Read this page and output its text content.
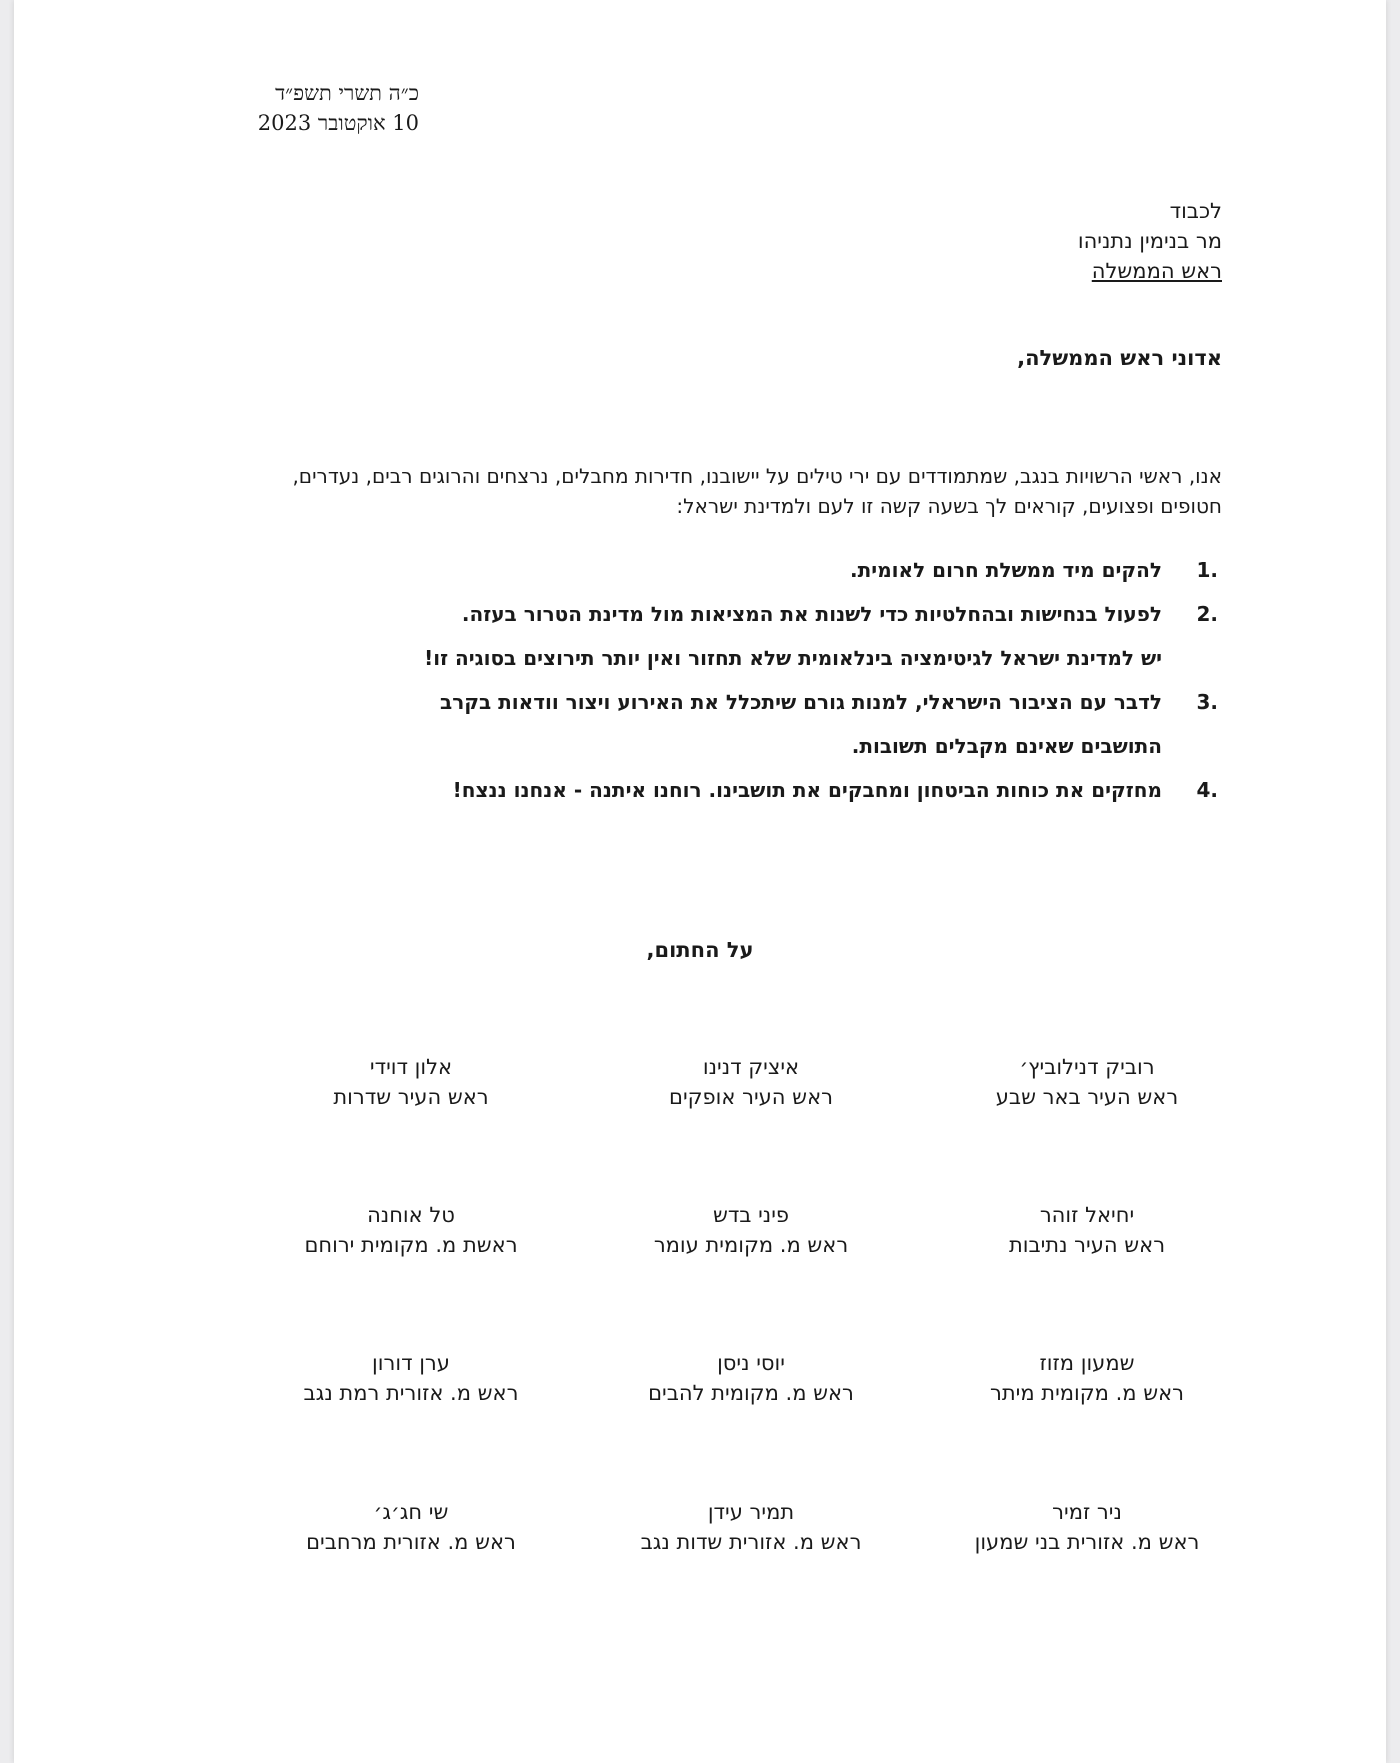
כ״ה תשרי תשפ״ד
10 אוקטובר 2023
לכבוד
מר בנימין נתניהו
ראש הממשלה
אדוני ראש הממשלה,
אנו, ראשי הרשויות בנגב, שמתמודדים עם ירי טילים על יישובנו, חדירות מחבלים, נרצחים והרוגים רבים, נעדרים, חטופים ופצועים, קוראים לך בשעה קשה זו לעם ולמדינת ישראל:
.1
להקים מיד ממשלת חרום לאומית.
.2
לפעול בנחישות ובהחלטיות כדי לשנות את המציאות מול מדינת הטרור בעזה.
יש למדינת ישראל לגיטימציה בינלאומית שלא תחזור ואין יותר תירוצים בסוגיה זו!
.3
לדבר עם הציבור הישראלי, למנות גורם שיתכלל את האירוע ויצור וודאות בקרב
התושבים שאינם מקבלים תשובות.
.4
מחזקים את כוחות הביטחון ומחבקים את תושבינו. רוחנו איתנה - אנחנו ננצח!
על החתום,
רוביק דנילוביץ׳
ראש העיר באר שבע
איציק דנינו
ראש העיר אופקים
אלון דוידי
ראש העיר שדרות
יחיאל זוהר
ראש העיר נתיבות
פיני בדש
ראש מ. מקומית עומר
טל אוחנה
ראשת מ. מקומית ירוחם
שמעון מזוז
ראש מ. מקומית מיתר
יוסי ניסן
ראש מ. מקומית להבים
ערן דורון
ראש מ. אזורית רמת נגב
ניר זמיר
ראש מ. אזורית בני שמעון
תמיר עידן
ראש מ. אזורית שדות נגב
שי חג׳ג׳
ראש מ. אזורית מרחבים
